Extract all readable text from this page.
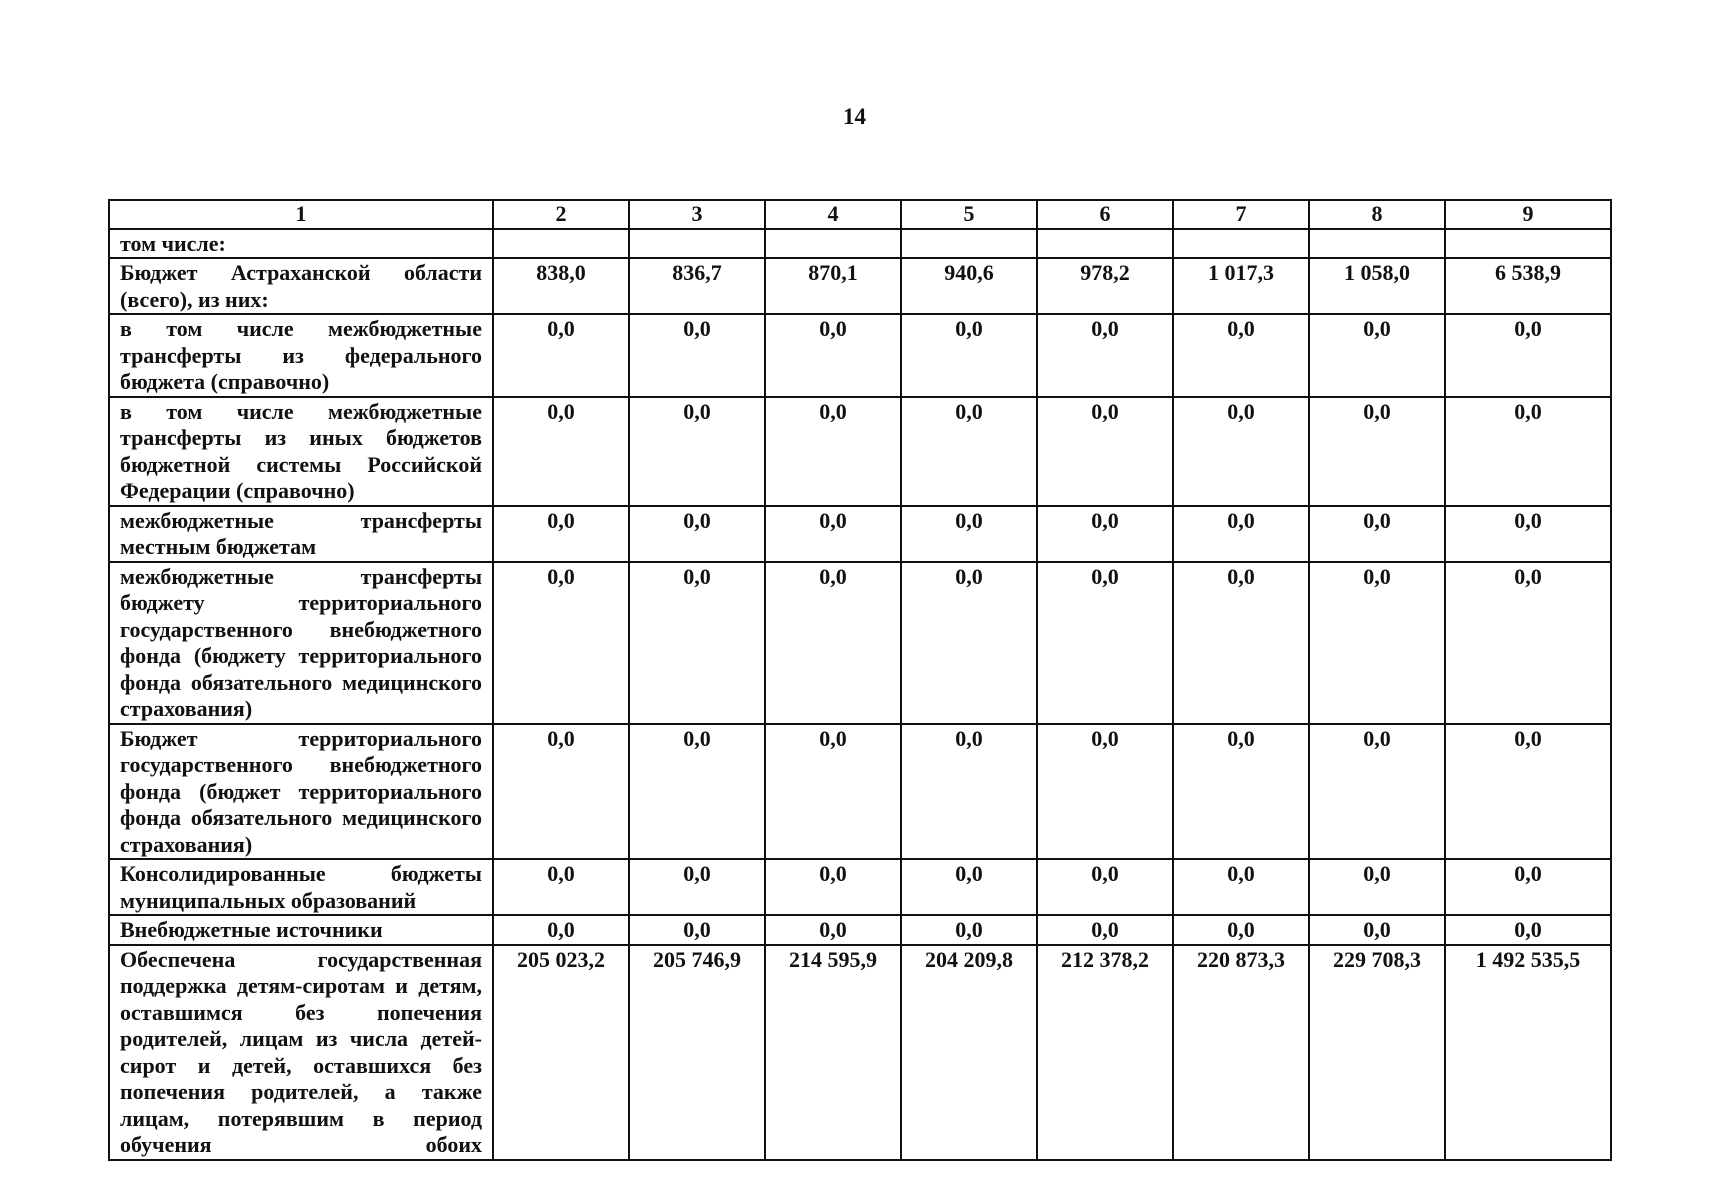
14
1	2	3	4	5	6	7	8	9
том числе:								
Бюджет Астраханской области (всего), из них:	838,0	836,7	870,1	940,6	978,2	1 017,3	1 058,0	6 538,9
в том числе межбюджетные трансферты из федерального бюджета (справочно)	0,0	0,0	0,0	0,0	0,0	0,0	0,0	0,0
в том числе межбюджетные трансферты из иных бюджетов бюджетной системы Российской Федерации (справочно)	0,0	0,0	0,0	0,0	0,0	0,0	0,0	0,0
межбюджетные трансферты местным бюджетам	0,0	0,0	0,0	0,0	0,0	0,0	0,0	0,0
межбюджетные трансферты бюджету территориального государственного внебюджетного фонда (бюджету территориального фонда обязательного медицинского страхования)	0,0	0,0	0,0	0,0	0,0	0,0	0,0	0,0
Бюджет территориального государственного внебюджетного фонда (бюджет территориального фонда обязательного медицинского страхования)	0,0	0,0	0,0	0,0	0,0	0,0	0,0	0,0
Консолидированные бюджеты муниципальных образований	0,0	0,0	0,0	0,0	0,0	0,0	0,0	0,0
Внебюджетные источники	0,0	0,0	0,0	0,0	0,0	0,0	0,0	0,0
Обеспечена государственная поддержка детям-сиротам и детям, оставшимся без попечения родителей, лицам из числа детей-сирот и детей, оставшихся без попечения родителей, а также лицам, потерявшим в период обучения обоих	205 023,2	205 746,9	214 595,9	204 209,8	212 378,2	220 873,3	229 708,3	1 492 535,5
